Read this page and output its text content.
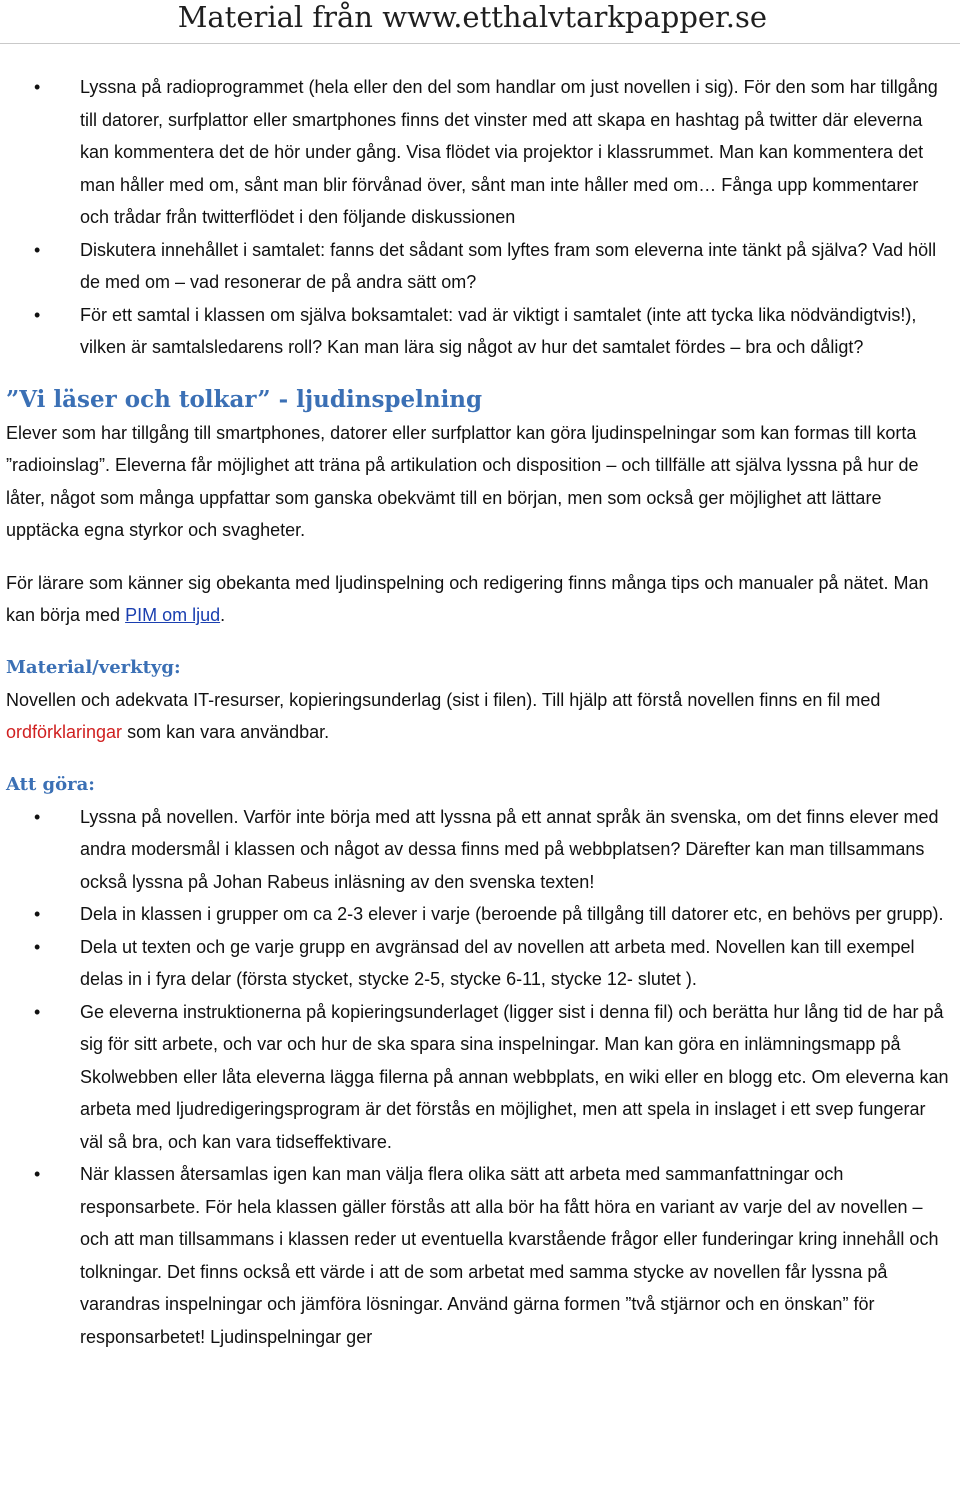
Material från www.etthalvtarkpapper.se
• Lyssna på radioprogrammet (hela eller den del som handlar om just novellen i sig). För den som har tillgång till datorer, surfplattor eller smartphones finns det vinster med att skapa en hashtag på twitter där eleverna kan kommentera det de hör under gång. Visa flödet via projektor i klassrummet. Man kan kommentera det man håller med om, sånt man blir förvånad över, sånt man inte håller med om… Fånga upp kommentarer och trådar från twitterflödet i den följande diskussionen
• Diskutera innehållet i samtalet: fanns det sådant som lyftes fram som eleverna inte tänkt på själva? Vad höll de med om – vad resonerar de på andra sätt om?
• För ett samtal i klassen om själva boksamtalet: vad är viktigt i samtalet (inte att tycka lika nödvändigtvis!), vilken är samtalsledarens roll? Kan man lära sig något av hur det samtalet fördes – bra och dåligt?
”Vi läser och tolkar” - ljudinspelning

Elever som har tillgång till smartphones, datorer eller surfplattor kan göra ljudinspelningar som kan formas till korta ”radioinslag”. Eleverna får möjlighet att träna på artikulation och disposition – och tillfälle att själva lyssna på hur de låter, något som många uppfattar som ganska obekvämt till en början, men som också ger möjlighet att lättare upptäcka egna styrkor och svagheter.

För lärare som känner sig obekanta med ljudinspelning och redigering finns många tips och manualer på nätet. Man kan börja med PIM om ljud.

Material/verktyg:

Novellen och adekvata IT-resurser, kopieringsunderlag (sist i filen). Till hjälp att förstå novellen finns en fil med ordförklaringar som kan vara användbar.

Att göra:
• Lyssna på novellen. Varför inte börja med att lyssna på ett annat språk än svenska, om det finns elever med andra modersmål i klassen och något av dessa finns med på webbplatsen? Därefter kan man tillsammans också lyssna på Johan Rabeus inläsning av den svenska texten!
• Dela in klassen i grupper om ca 2-3 elever i varje (beroende på tillgång till datorer etc, en behövs per grupp).
• Dela ut texten och ge varje grupp en avgränsad del av novellen att arbeta med. Novellen kan till exempel delas in i fyra delar (första stycket, stycke 2-5, stycke 6-11, stycke 12- slutet ).
• Ge eleverna instruktionerna på kopieringsunderlaget (ligger sist i denna fil) och berätta hur lång tid de har på sig för sitt arbete, och var och hur de ska spara sina inspelningar. Man kan göra en inlämningsmapp på Skolwebben eller låta eleverna lägga filerna på annan webbplats, en wiki eller en blogg etc. Om eleverna kan arbeta med ljudredigeringsprogram är det förstås en möjlighet, men att spela in inslaget i ett svep fungerar väl så bra, och kan vara tidseffektivare.
• När klassen återsamlas igen kan man välja flera olika sätt att arbeta med sammanfattningar och responsarbete. För hela klassen gäller förstås att alla bör ha fått höra en variant av varje del av novellen – och att man tillsammans i klassen reder ut eventuella kvarstående frågor eller funderingar kring innehåll och tolkningar. Det finns också ett värde i att de som arbetat med samma stycke av novellen får lyssna på varandras inspelningar och jämföra lösningar. Använd gärna formen ”två stjärnor och en önskan” för responsarbetet! Ljudinspelningar ger
